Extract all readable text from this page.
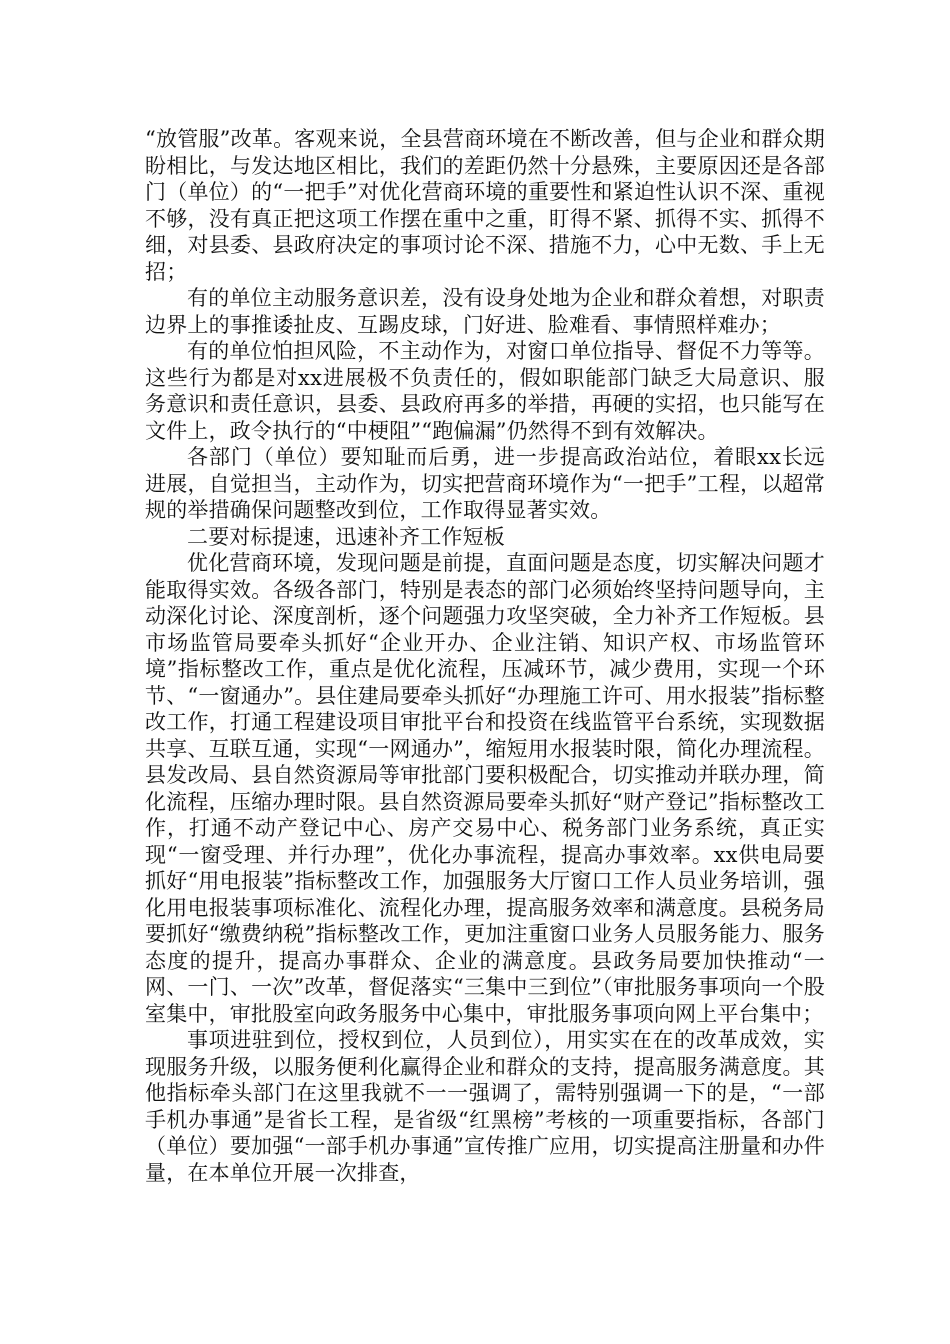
“放管服”改革。客观来说，全县营商环境在不断改善，但与企业和群众期盼相比，与发达地区相比，我们的差距仍然十分悬殊，主要原因还是各部门（单位）的“一把手”对优化营商环境的重要性和紧迫性认识不深、重视不够，没有真正把这项工作摆在重中之重，盯得不紧、抓得不实、抓得不细，对县委、县政府决定的事项讨论不深、措施不力，心中无数、手上无招；

有的单位主动服务意识差，没有设身处地为企业和群众着想，对职责边界上的事推诿扯皮、互踢皮球，门好进、脸难看、事情照样难办；

有的单位怕担风险，不主动作为，对窗口单位指导、督促不力等等。这些行为都是对xx进展极不负责任的，假如职能部门缺乏大局意识、服务意识和责任意识，县委、县政府再多的举措，再硬的实招，也只能写在文件上，政令执行的“中梗阻”“跑偏漏”仍然得不到有效解决。

各部门（单位）要知耻而后勇，进一步提高政治站位，着眼xx长远进展，自觉担当，主动作为，切实把营商环境作为“一把手”工程，以超常规的举措确保问题整改到位，工作取得显著实效。

二要对标提速，迅速补齐工作短板

优化营商环境，发现问题是前提，直面问题是态度，切实解决问题才能取得实效。各级各部门，特别是表态的部门必须始终坚持问题导向，主动深化讨论、深度剖析，逐个问题强力攻坚突破，全力补齐工作短板。县市场监管局要牵头抓好“企业开办、企业注销、知识产权、市场监管环境”指标整改工作，重点是优化流程，压减环节，减少费用，实现一个环节、“一窗通办”。县住建局要牵头抓好“办理施工许可、用水报装”指标整改工作，打通工程建设项目审批平台和投资在线监管平台系统，实现数据共享、互联互通，实现“一网通办”，缩短用水报装时限，简化办理流程。县发改局、县自然资源局等审批部门要积极配合，切实推动并联办理，简化流程，压缩办理时限。县自然资源局要牵头抓好“财产登记”指标整改工作，打通不动产登记中心、房产交易中心、税务部门业务系统，真正实现“一窗受理、并行办理”，优化办事流程，提高办事效率。xx供电局要抓好“用电报装”指标整改工作，加强服务大厅窗口工作人员业务培训，强化用电报装事项标准化、流程化办理，提高服务效率和满意度。县税务局要抓好“缴费纳税”指标整改工作，更加注重窗口业务人员服务能力、服务态度的提升，提高办事群众、企业的满意度。县政务局要加快推动“一网、一门、一次”改革，督促落实“三集中三到位”（审批服务事项向一个股室集中，审批股室向政务服务中心集中，审批服务事项向网上平台集中；

事项进驻到位，授权到位，人员到位），用实实在在的改革成效，实现服务升级，以服务便利化赢得企业和群众的支持，提高服务满意度。其他指标牵头部门在这里我就不一一强调了，需特别强调一下的是，“一部手机办事通”是省长工程，是省级“红黑榜”考核的一项重要指标，各部门（单位）要加强“一部手机办事通”宣传推广应用，切实提高注册量和办件量，在本单位开展一次排查，
